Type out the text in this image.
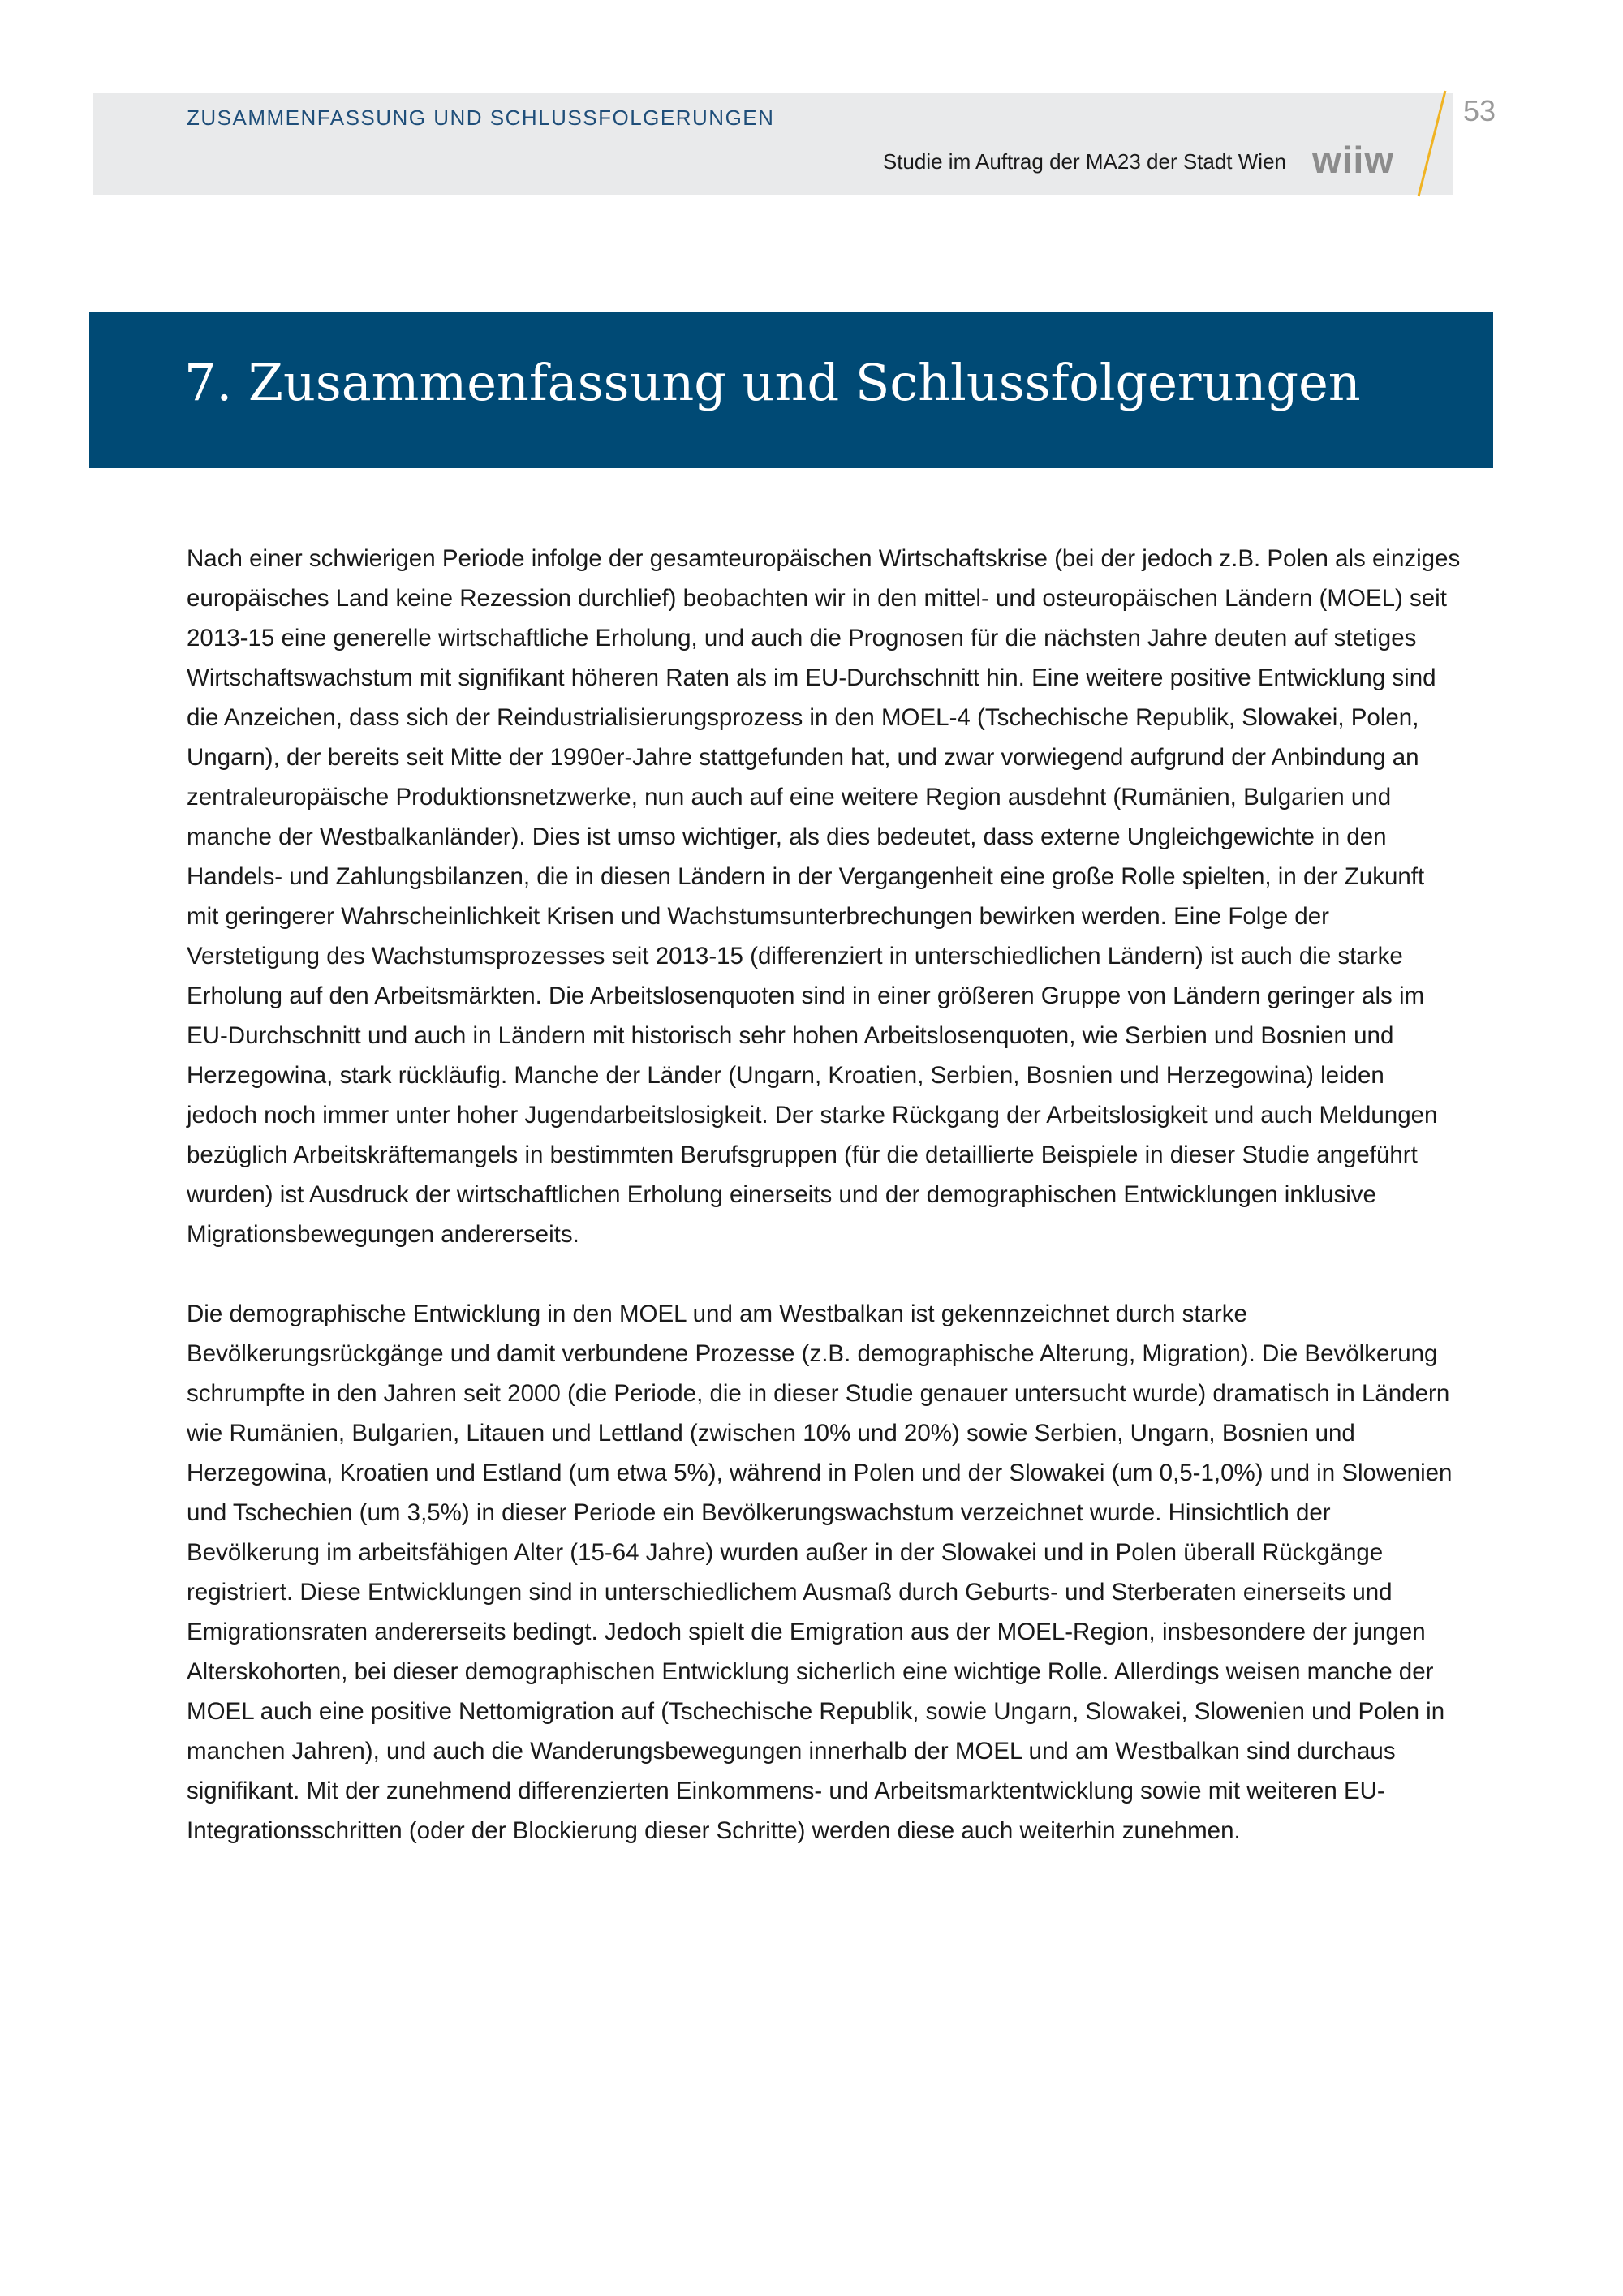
ZUSAMMENFASSUNG UND SCHLUSSFOLGERUNGEN
Studie im Auftrag der MA23 der Stadt Wien wiiw
53
7. Zusammenfassung und Schlussfolgerungen

Nach einer schwierigen Periode infolge der gesamteuropäischen Wirtschaftskrise (bei der jedoch z.B. Polen als einziges europäisches Land keine Rezession durchlief) beobachten wir in den mittel- und osteuropäischen Ländern (MOEL) seit 2013-15 eine generelle wirtschaftliche Erholung, und auch die Prognosen für die nächsten Jahre deuten auf stetiges Wirtschaftswachstum mit signifikant höheren Raten als im EU-Durchschnitt hin. Eine weitere positive Entwicklung sind die Anzeichen, dass sich der Reindustrialisierungsprozess in den MOEL-4 (Tschechische Republik, Slowakei, Polen, Ungarn), der bereits seit Mitte der 1990er-Jahre stattgefunden hat, und zwar vorwiegend aufgrund der Anbindung an zentraleuropäische Produktionsnetzwerke, nun auch auf eine weitere Region ausdehnt (Rumänien, Bulgarien und manche der Westbalkanländer). Dies ist umso wichtiger, als dies bedeutet, dass externe Ungleichgewichte in den Handels- und Zahlungsbilanzen, die in diesen Ländern in der Vergangenheit eine große Rolle spielten, in der Zukunft mit geringerer Wahrscheinlichkeit Krisen und Wachstumsunterbrechungen bewirken werden. Eine Folge der Verstetigung des Wachstumsprozesses seit 2013-15 (differenziert in unterschiedlichen Ländern) ist auch die starke Erholung auf den Arbeitsmärkten. Die Arbeitslosenquoten sind in einer größeren Gruppe von Ländern geringer als im EU-Durchschnitt und auch in Ländern mit historisch sehr hohen Arbeitslosenquoten, wie Serbien und Bosnien und Herzegowina, stark rückläufig. Manche der Länder (Ungarn, Kroatien, Serbien, Bosnien und Herzegowina) leiden jedoch noch immer unter hoher Jugendarbeitslosigkeit. Der starke Rückgang der Arbeitslosigkeit und auch Meldungen bezüglich Arbeitskräftemangels in bestimmten Berufsgruppen (für die detaillierte Beispiele in dieser Studie angeführt wurden) ist Ausdruck der wirtschaftlichen Erholung einerseits und der demographischen Entwicklungen inklusive Migrationsbewegungen andererseits.

Die demographische Entwicklung in den MOEL und am Westbalkan ist gekennzeichnet durch starke Bevölkerungsrückgänge und damit verbundene Prozesse (z.B. demographische Alterung, Migration). Die Bevölkerung schrumpfte in den Jahren seit 2000 (die Periode, die in dieser Studie genauer untersucht wurde) dramatisch in Ländern wie Rumänien, Bulgarien, Litauen und Lettland (zwischen 10% und 20%) sowie Serbien, Ungarn, Bosnien und Herzegowina, Kroatien und Estland (um etwa 5%), während in Polen und der Slowakei (um 0,5-1,0%) und in Slowenien und Tschechien (um 3,5%) in dieser Periode ein Bevölkerungswachstum verzeichnet wurde. Hinsichtlich der Bevölkerung im arbeitsfähigen Alter (15-64 Jahre) wurden außer in der Slowakei und in Polen überall Rückgänge registriert. Diese Entwicklungen sind in unterschiedlichem Ausmaß durch Geburts- und Sterberaten einerseits und Emigrationsraten andererseits bedingt. Jedoch spielt die Emigration aus der MOEL-Region, insbesondere der jungen Alterskohorten, bei dieser demographischen Entwicklung sicherlich eine wichtige Rolle. Allerdings weisen manche der MOEL auch eine positive Nettomigration auf (Tschechische Republik, sowie Ungarn, Slowakei, Slowenien und Polen in manchen Jahren), und auch die Wanderungsbewegungen innerhalb der MOEL und am Westbalkan sind durchaus signifikant. Mit der zunehmend differenzierten Einkommens- und Arbeitsmarktentwicklung sowie mit weiteren EU-Integrationsschritten (oder der Blockierung dieser Schritte) werden diese auch weiterhin zunehmen.
